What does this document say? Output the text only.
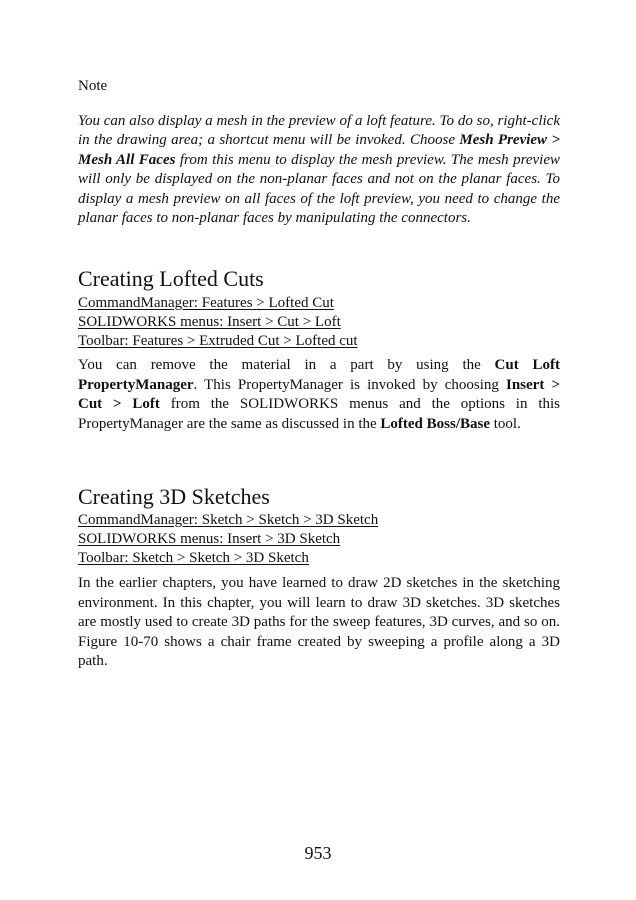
Note
You can also display a mesh in the preview of a loft feature. To do so, right-click in the drawing area; a shortcut menu will be invoked. Choose Mesh Preview > Mesh All Faces from this menu to display the mesh preview. The mesh preview will only be displayed on the non-planar faces and not on the planar faces. To display a mesh preview on all faces of the loft preview, you need to change the planar faces to non-planar faces by manipulating the connectors.
Creating Lofted Cuts
CommandManager: Features > Lofted Cut
SOLIDWORKS menus: Insert > Cut > Loft
Toolbar: Features > Extruded Cut > Lofted cut
You can remove the material in a part by using the Cut Loft PropertyManager. This PropertyManager is invoked by choosing Insert > Cut > Loft from the SOLIDWORKS menus and the options in this PropertyManager are the same as discussed in the Lofted Boss/Base tool.
Creating 3D Sketches
CommandManager: Sketch > Sketch > 3D Sketch
SOLIDWORKS menus: Insert > 3D Sketch
Toolbar: Sketch > Sketch > 3D Sketch
In the earlier chapters, you have learned to draw 2D sketches in the sketching environment. In this chapter, you will learn to draw 3D sketches. 3D sketches are mostly used to create 3D paths for the sweep features, 3D curves, and so on. Figure 10-70 shows a chair frame created by sweeping a profile along a 3D path.
953
